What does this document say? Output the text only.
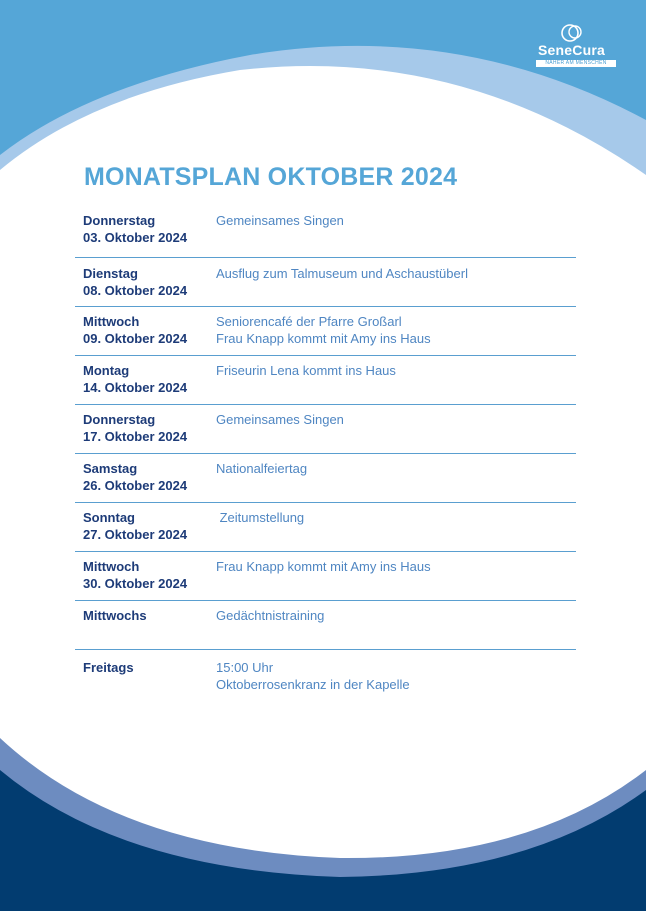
SeneCura
NÄHER AM MENSCHEN
MONATSPLAN OKTOBER 2024
Donnerstag
03. Oktober 2024
Gemeinsames Singen
Dienstag
08. Oktober 2024
Ausflug zum Talmuseum und Aschaustüberl
Mittwoch
09. Oktober 2024
Seniorencafé der Pfarre Großarl
Frau Knapp kommt mit Amy ins Haus
Montag
14. Oktober 2024
Friseurin Lena kommt ins Haus
Donnerstag
17. Oktober 2024
Gemeinsames Singen
Samstag
26. Oktober 2024
Nationalfeiertag
Sonntag
27. Oktober 2024
Zeitumstellung
Mittwoch
30. Oktober 2024
Frau Knapp kommt mit Amy ins Haus
Mittwochs	Gedächtnistraining
Freitags	15:00 Uhr
Oktoberrosenkranz in der Kapelle
